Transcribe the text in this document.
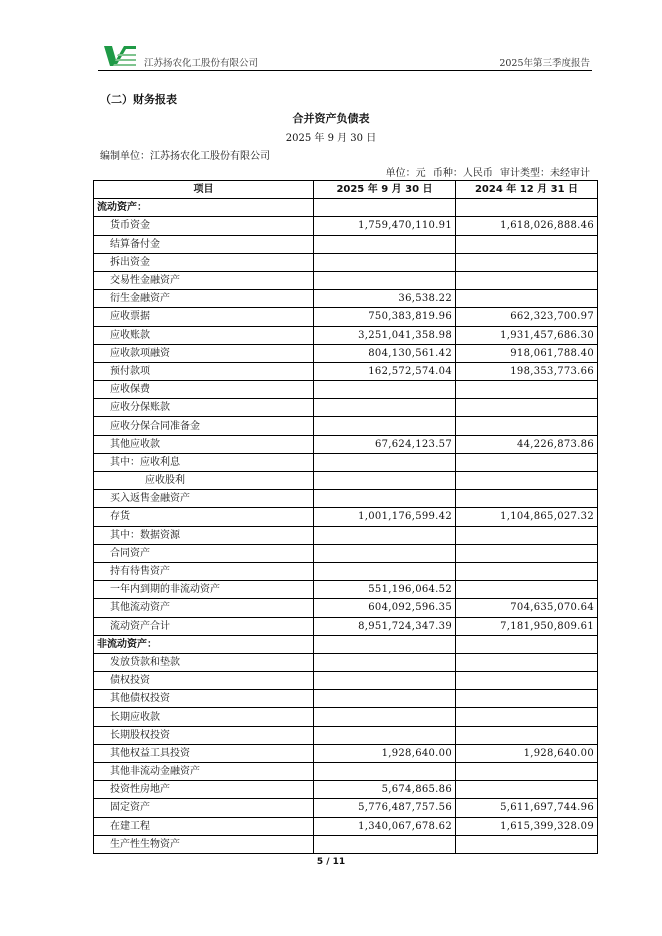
江苏扬农化工股份有限公司	2025年第三季度报告
（二）财务报表
合并资产负债表
2025 年 9 月 30 日
编制单位：江苏扬农化工股份有限公司
单位：元 币种：人民币 审计类型：未经审计
项目	2025 年 9 月 30 日	2024 年 12 月 31 日
流动资产：		
货币资金	1,759,470,110.91	1,618,026,888.46
结算备付金		
拆出资金		
交易性金融资产		
衍生金融资产	36,538.22	
应收票据	750,383,819.96	662,323,700.97
应收账款	3,251,041,358.98	1,931,457,686.30
应收款项融资	804,130,561.42	918,061,788.40
预付款项	162,572,574.04	198,353,773.66
应收保费		
应收分保账款		
应收分保合同准备金		
其他应收款	67,624,123.57	44,226,873.86
其中：应收利息		
应收股利		
买入返售金融资产		
存货	1,001,176,599.42	1,104,865,027.32
其中：数据资源		
合同资产		
持有待售资产		
一年内到期的非流动资产	551,196,064.52	
其他流动资产	604,092,596.35	704,635,070.64
流动资产合计	8,951,724,347.39	7,181,950,809.61
非流动资产：		
发放贷款和垫款		
债权投资		
其他债权投资		
长期应收款		
长期股权投资		
其他权益工具投资	1,928,640.00	1,928,640.00
其他非流动金融资产		
投资性房地产	5,674,865.86	
固定资产	5,776,487,757.56	5,611,697,744.96
在建工程	1,340,067,678.62	1,615,399,328.09
生产性生物资产		
5 / 11
